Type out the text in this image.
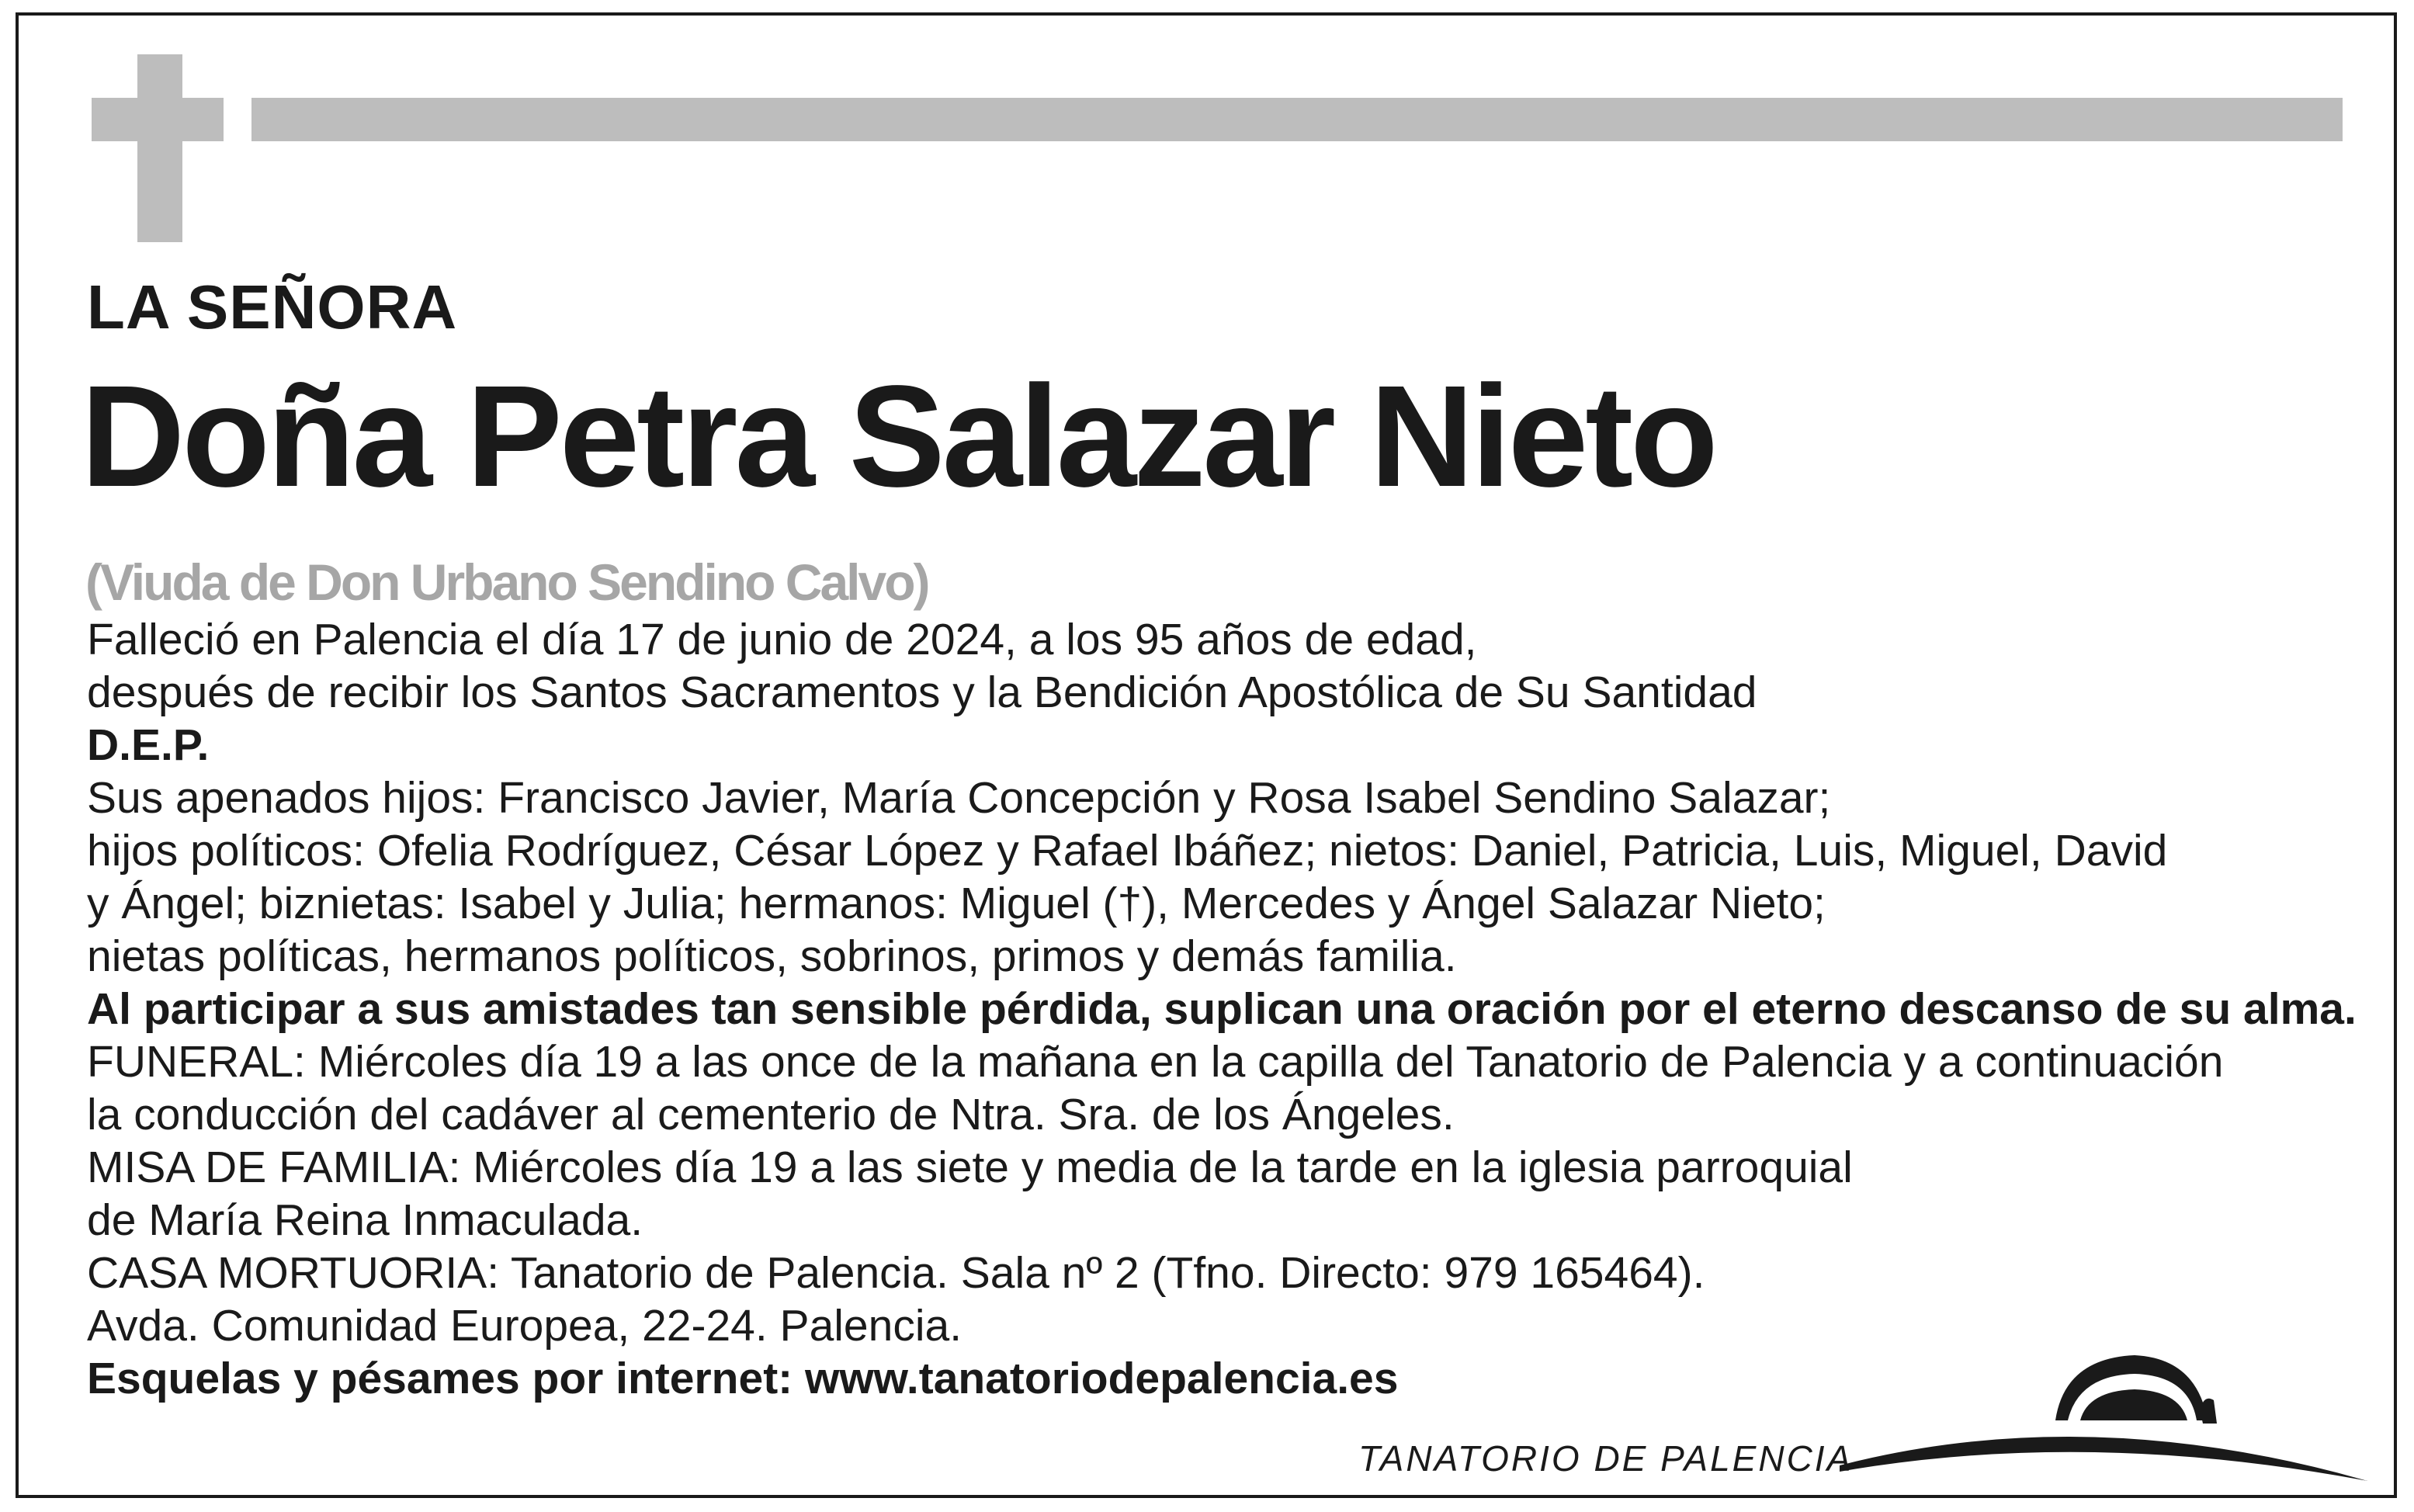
LA SEÑORA
Doña Petra Salazar Nieto
(Viuda de Don Urbano Sendino Calvo)
Falleció en Palencia el día 17 de junio de 2024, a los 95 años de edad,
después de recibir los Santos Sacramentos y la Bendición Apostólica de Su Santidad
D.E.P.
Sus apenados hijos: Francisco Javier, María Concepción y Rosa Isabel Sendino Salazar;
hijos políticos: Ofelia Rodríguez, César López y Rafael Ibáñez; nietos: Daniel, Patricia, Luis, Miguel, David
y Ángel; biznietas: Isabel y Julia; hermanos: Miguel (†), Mercedes y Ángel Salazar Nieto;
nietas políticas, hermanos políticos, sobrinos, primos y demás familia.
Al participar a sus amistades tan sensible pérdida, suplican una oración por el eterno descanso de su alma.
FUNERAL: Miércoles día 19 a las once de la mañana en la capilla del Tanatorio de Palencia y a continuación
la conducción del cadáver al cementerio de Ntra. Sra. de los Ángeles.
MISA DE FAMILIA: Miércoles día 19 a las siete y media de la tarde en la iglesia parroquial
de María Reina Inmaculada.
CASA MORTUORIA: Tanatorio de Palencia. Sala nº 2 (Tfno. Directo: 979 165464).
Avda. Comunidad Europea, 22-24. Palencia.
Esquelas y pésames por internet: www.tanatoriodepalencia.es
TANATORIO DE PALENCIA
